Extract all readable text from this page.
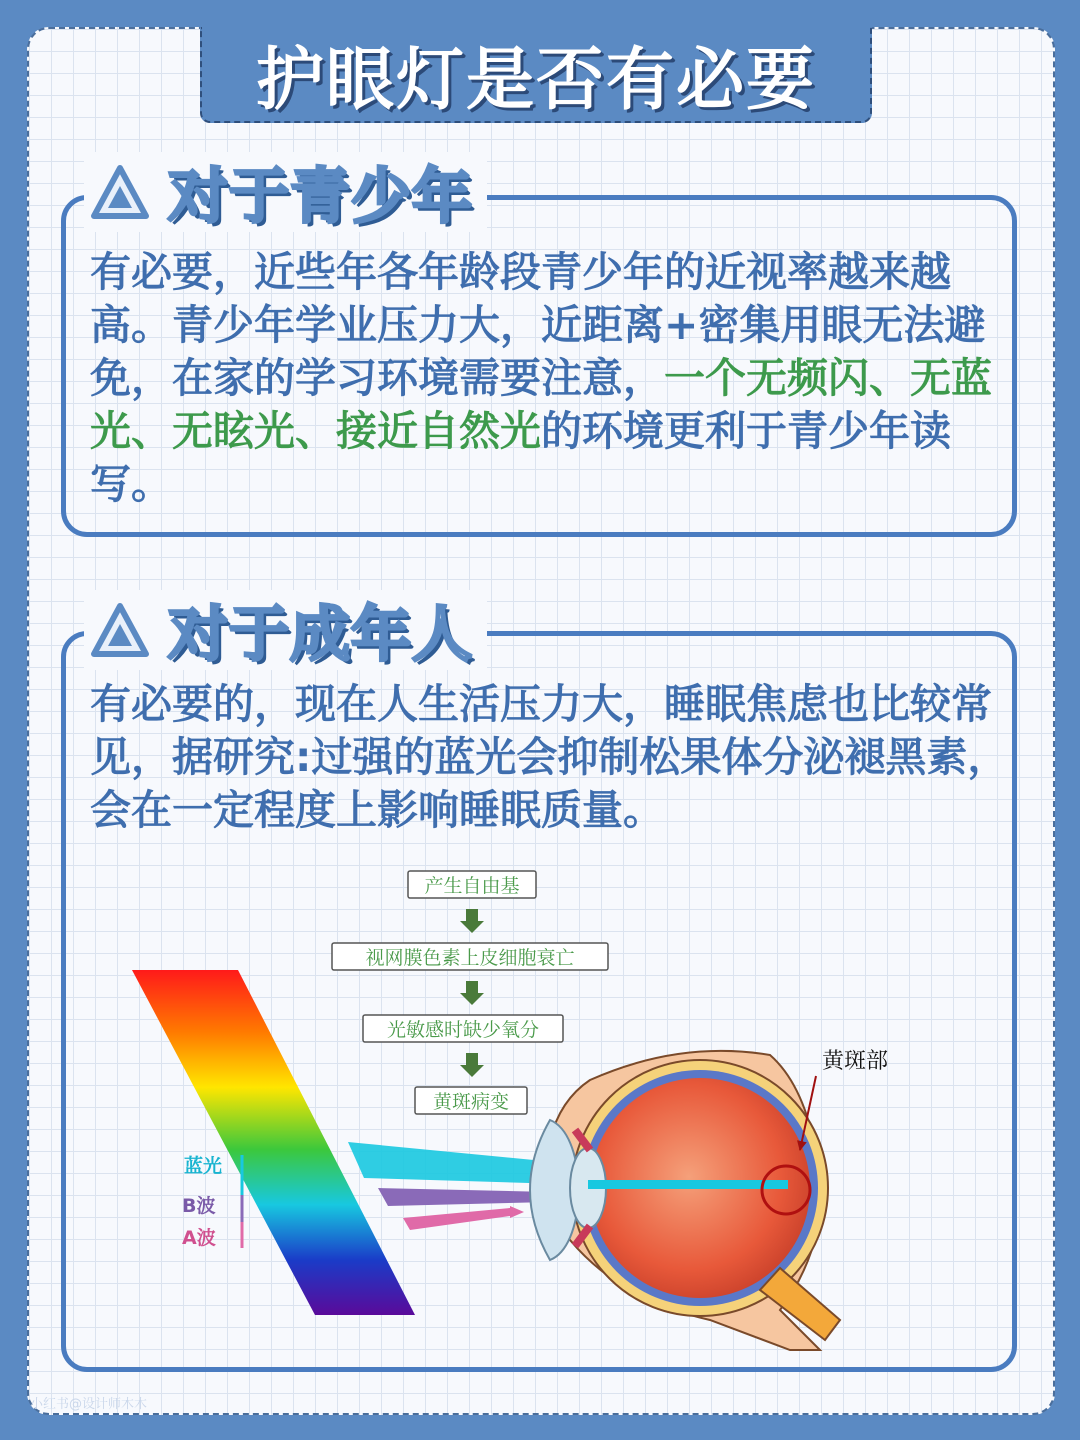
护眼灯是否有必要
对于青少年

有必要，近些年各年龄段青少年的近视率越来越高。青少年学业压力大，近距离+密集用眼无法避免，在家的学习环境需要注意，一个无频闪、无蓝光、无眩光、接近自然光的环境更利于青少年读写。

对于成年人

有必要的，现在人生活压力大，睡眠焦虑也比较常见，据研究:过强的蓝光会抑制松果体分泌褪黑素，会在一定程度上影响睡眠质量。

蓝光
B波
A波
黄斑部
产生自由基
视网膜色素上皮细胞衰亡
光敏感时缺少氧分
黄斑病变
小红书@设计师木木
